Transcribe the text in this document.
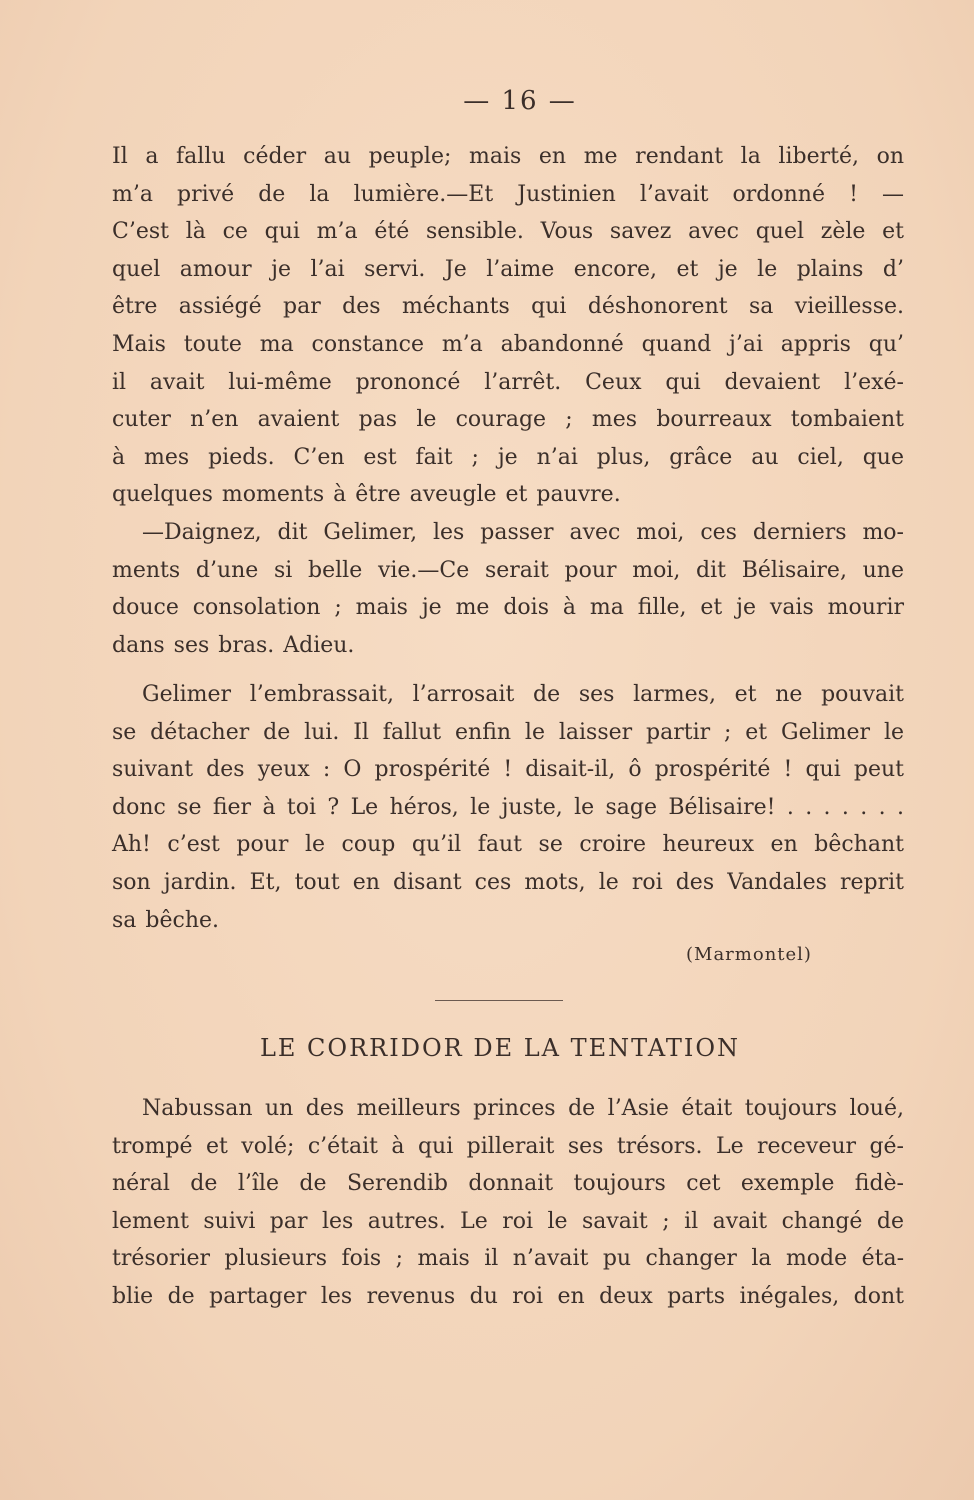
— 16 —
Il a fallu céder au peuple; mais en me rendant la liberté, on
m’a privé de la lumière.—Et Justinien l’avait ordonné ! —
C’est là ce qui m’a été sensible. Vous savez avec quel zèle et
quel amour je l’ai servi. Je l’aime encore, et je le plains d’
être assiégé par des méchants qui déshonorent sa vieillesse.
Mais toute ma constance m’a abandonné quand j’ai appris qu’
il avait lui-même prononcé l’arrêt. Ceux qui devaient l’exé-
cuter n’en avaient pas le courage ; mes bourreaux tombaient
à mes pieds. C’en est fait ; je n’ai plus, grâce au ciel, que
quelques moments à être aveugle et pauvre.
—Daignez, dit Gelimer, les passer avec moi, ces derniers mo-
ments d’une si belle vie.—Ce serait pour moi, dit Bélisaire, une
douce consolation ; mais je me dois à ma fille, et je vais mourir
dans ses bras. Adieu.
Gelimer l’embrassait, l’arrosait de ses larmes, et ne pouvait
se détacher de lui. Il fallut enfin le laisser partir ; et Gelimer le
suivant des yeux : O prospérité ! disait-il, ô prospérité ! qui peut
donc se fier à toi ? Le héros, le juste, le sage Bélisaire! . . . . . . .
Ah! c’est pour le coup qu’il faut se croire heureux en bêchant
son jardin. Et, tout en disant ces mots, le roi des Vandales reprit
sa bêche.
(Marmontel)
LE CORRIDOR DE LA TENTATION
Nabussan un des meilleurs princes de l’Asie était toujours loué,
trompé et volé; c’était à qui pillerait ses trésors. Le receveur gé-
néral de l’île de Serendib donnait toujours cet exemple fidè-
lement suivi par les autres. Le roi le savait ; il avait changé de
trésorier plusieurs fois ; mais il n’avait pu changer la mode éta-
blie de partager les revenus du roi en deux parts inégales, dont
